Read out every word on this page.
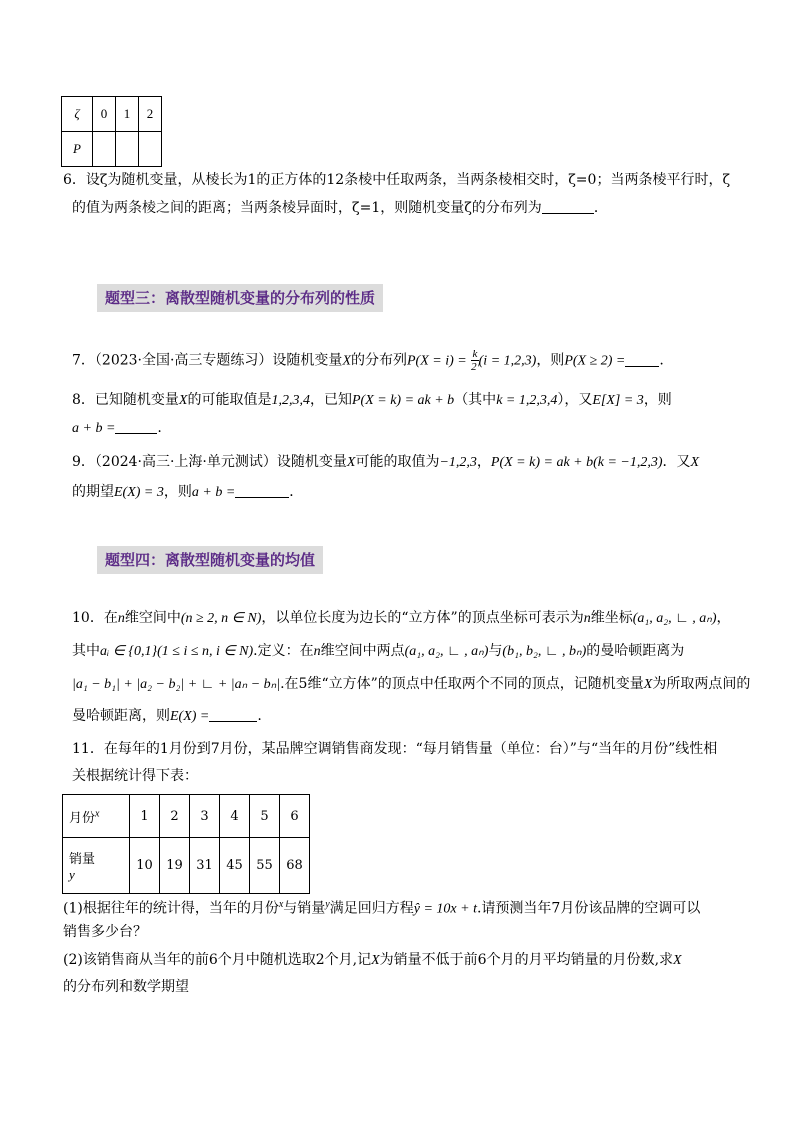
ζ	0	1	2
P			
6．设ζ为随机变量，从棱长为1的正方体的12条棱中任取两条，当两条棱相交时，ζ=0；当两条棱平行时，ζ
的值为两条棱之间的距离；当两条棱异面时，ζ=1，则随机变量ζ的分布列为	．
题型三：离散型随机变量的分布列的性质
7．（2023·全国·高三专题练习）设随机变量X的分布列$P(X = i) = \frac{k}{\text{2ⁱ}} (i = 1,2,3)$，则P(X ≥ 2) = .
8．已知随机变量X的可能取值是1,2,3,4，已知P(X = k) = ak + b（其中k = 1,2,3,4），又E[X] = 3，则
a + b =	.
9．（2024·高三·上海·单元测试）设随机变量X可能的取值为−1,2,3，P(X = k) = ak + b(k = −1,2,3)．又X
的期望E(X) = 3，则a + b =	．
题型四：离散型随机变量的均值
10．在n维空间中(n ≥ 2, n ∈ N)，以单位长度为边长的“立方体”的顶点坐标可表示为n维坐标(a₁, a₂, ∟ , aₙ)，
其中aᵢ ∈ {0,1}(1 ≤ i ≤ n, i ∈ N).定义：在n维空间中两点(a₁, a₂, ∟ , aₙ)与(b₁, b₂, ∟ , bₙ)的曼哈顿距离为
|a₁ − b₁| + |a₂ − b₂| + ∟ + |aₙ − bₙ|.在5维“立方体”的顶点中任取两个不同的顶点，记随机变量X为所取两点间的
曼哈顿距离，则E(X) =	.
11．在每年的1月份到7月份，某品牌空调销售商发现：“每月销售量（单位：台）”与“当年的月份”线性相
关根据统计得下表：
月份$^x$	1	2	3	4	5	6

销量
y	10	19	31	45	55	68
(1)根据往年的统计得，当年的月份$^x$与销量$^y$满足回归方程ŷ = 10x + t.请预测当年7月份该品牌的空调可以
销售多少台？
(2)该销售商从当年的前6个月中随机选取2个月,记X为销量不低于前6个月的月平均销量的月份数,求X
的分布列和数学期望
